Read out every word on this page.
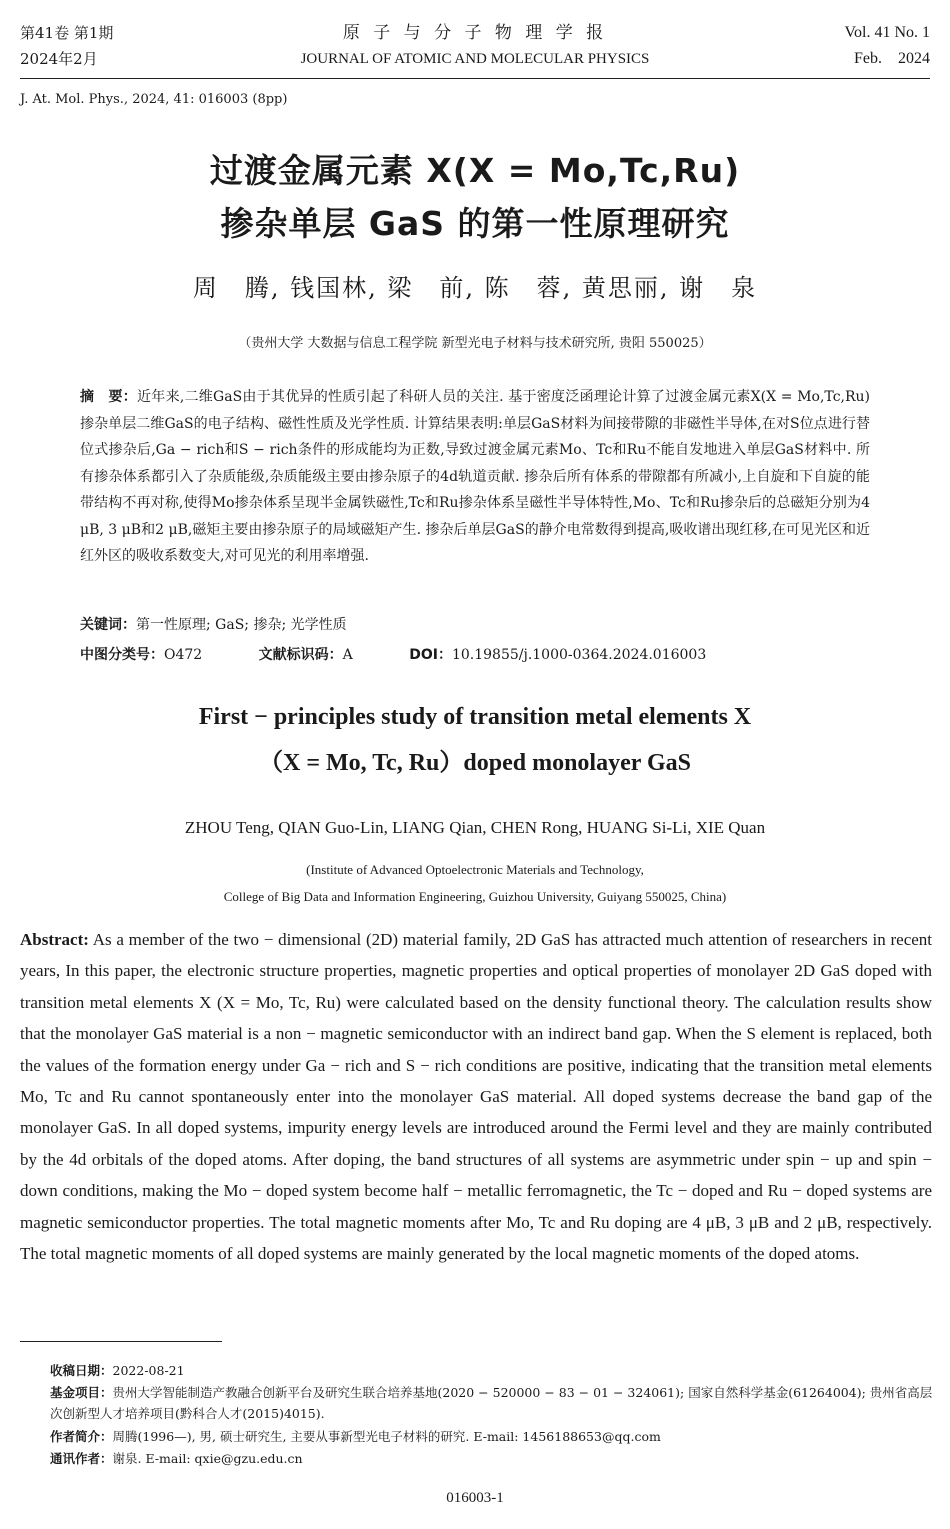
第41卷 第1期
2024年2月
原 子 与 分 子 物 理 学 报
JOURNAL OF ATOMIC AND MOLECULAR PHYSICS
Vol. 41 No. 1
Feb.　2024
J. At. Mol. Phys., 2024, 41: 016003 (8pp)
过渡金属元素 X(X = Mo,Tc,Ru)
掺杂单层 GaS 的第一性原理研究
周　腾, 钱国林, 梁　前, 陈　蓉, 黄思丽, 谢　泉
（贵州大学 大数据与信息工程学院 新型光电子材料与技术研究所, 贵阳 550025）
摘　要：近年来,二维GaS由于其优异的性质引起了科研人员的关注. 基于密度泛函理论计算了过渡金属元素X(X = Mo,Tc,Ru)掺杂单层二维GaS的电子结构、磁性性质及光学性质. 计算结果表明:单层GaS材料为间接带隙的非磁性半导体,在对S位点进行替位式掺杂后,Ga − rich和S − rich条件的形成能均为正数,导致过渡金属元素Mo、Tc和Ru不能自发地进入单层GaS材料中. 所有掺杂体系都引入了杂质能级,杂质能级主要由掺杂原子的4d轨道贡献. 掺杂后所有体系的带隙都有所减小,上自旋和下自旋的能带结构不再对称,使得Mo掺杂体系呈现半金属铁磁性,Tc和Ru掺杂体系呈磁性半导体特性,Mo、Tc和Ru掺杂后的总磁矩分别为4 μB, 3 μB和2 μB,磁矩主要由掺杂原子的局域磁矩产生. 掺杂后单层GaS的静介电常数得到提高,吸收谱出现红移,在可见光区和近红外区的吸收系数变大,对可见光的利用率增强.
关键词：第一性原理; GaS; 掺杂; 光学性质
中图分类号：O472	文献标识码：A	DOI：10.19855/j.1000-0364.2024.016003
First − principles study of transition metal elements X
（X = Mo, Tc, Ru）doped monolayer GaS
ZHOU Teng, QIAN Guo-Lin, LIANG Qian, CHEN Rong, HUANG Si-Li, XIE Quan
(Institute of Advanced Optoelectronic Materials and Technology,
College of Big Data and Information Engineering, Guizhou University, Guiyang 550025, China)
Abstract: As a member of the two − dimensional (2D) material family, 2D GaS has attracted much attention of researchers in recent years, In this paper, the electronic structure properties, magnetic properties and optical properties of monolayer 2D GaS doped with transition metal elements X (X = Mo, Tc, Ru) were calculated based on the density functional theory. The calculation results show that the monolayer GaS material is a non − magnetic semiconductor with an indirect band gap. When the S element is replaced, both the values of the formation energy under Ga − rich and S − rich conditions are positive, indicating that the transition metal elements Mo, Tc and Ru cannot spontaneously enter into the monolayer GaS material. All doped systems decrease the band gap of the monolayer GaS. In all doped systems, impurity energy levels are introduced around the Fermi level and they are mainly contributed by the 4d orbitals of the doped atoms. After doping, the band structures of all systems are asymmetric under spin − up and spin − down conditions, making the Mo − doped system become half − metallic ferromagnetic, the Tc − doped and Ru − doped systems are magnetic semiconductor properties. The total magnetic moments after Mo, Tc and Ru doping are 4 μB, 3 μB and 2 μB, respectively. The total magnetic moments of all doped systems are mainly generated by the local magnetic moments of the doped atoms.
收稿日期：2022-08-21
基金项目：贵州大学智能制造产教融合创新平台及研究生联合培养基地(2020 − 520000 − 83 − 01 − 324061); 国家自然科学基金(61264004); 贵州省高层次创新型人才培养项目(黔科合人才(2015)4015).
作者简介：周腾(1996—), 男, 硕士研究生, 主要从事新型光电子材料的研究. E-mail: 1456188653@qq.com
通讯作者：谢泉. E-mail: qxie@gzu.edu.cn
016003-1
